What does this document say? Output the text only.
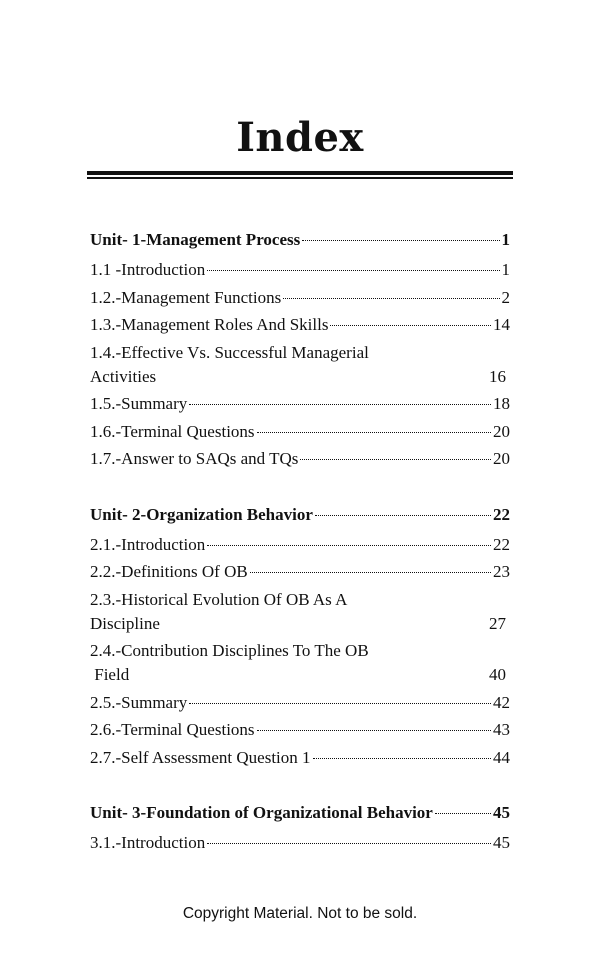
Index
Unit- 1-Management Process	1
1.1 -Introduction	1
1.2.-Management Functions	2
1.3.-Management Roles And Skills	14
1.4.-Effective Vs. Successful Managerial
Activities	16
1.5.-Summary	18
1.6.-Terminal Questions	20
1.7.-Answer to SAQs and TQs	20
Unit- 2-Organization Behavior	22
2.1.-Introduction	22
2.2.-Definitions Of OB	23
2.3.-Historical Evolution Of OB As A
Discipline	27
2.4.-Contribution Disciplines To The OB
Field	40
2.5.-Summary	42
2.6.-Terminal Questions	43
2.7.-Self Assessment Question 1	44
Unit- 3-Foundation of Organizational Behavior	45
3.1.-Introduction	45
Copyright Material. Not to be sold.
